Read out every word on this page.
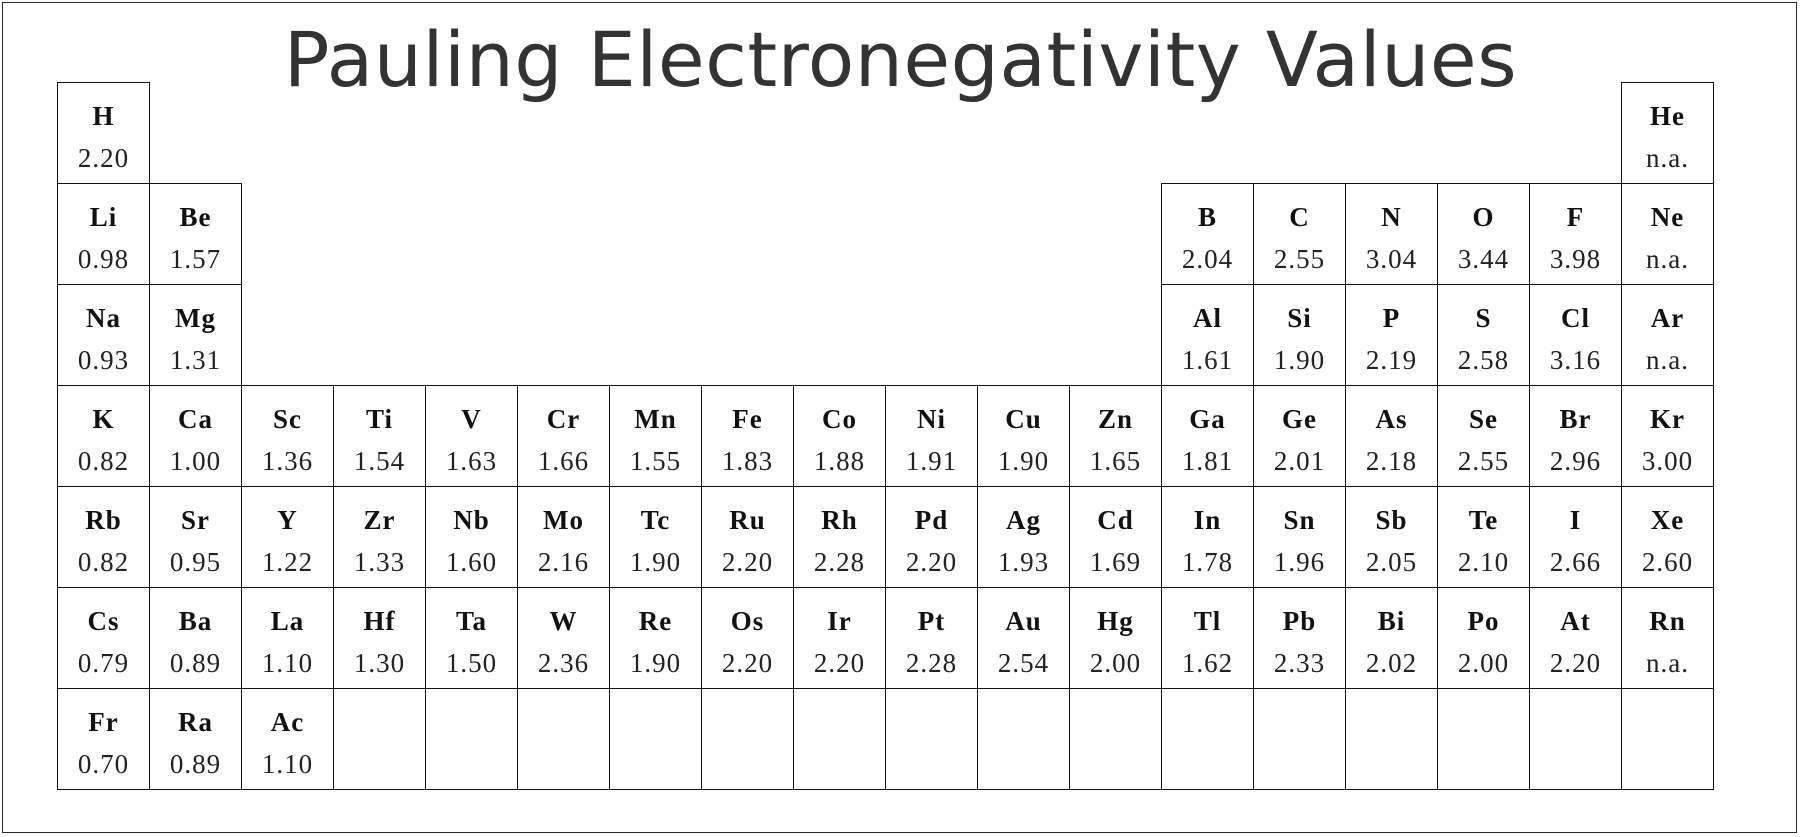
Pauling Electronegativity Values
H
2.20
He
n.a.
Li
0.98
Be
1.57
B
2.04
C
2.55
N
3.04
O
3.44
F
3.98
Ne
n.a.
Na
0.93
Mg
1.31
Al
1.61
Si
1.90
P
2.19
S
2.58
Cl
3.16
Ar
n.a.
K
0.82
Ca
1.00
Sc
1.36
Ti
1.54
V
1.63
Cr
1.66
Mn
1.55
Fe
1.83
Co
1.88
Ni
1.91
Cu
1.90
Zn
1.65
Ga
1.81
Ge
2.01
As
2.18
Se
2.55
Br
2.96
Kr
3.00
Rb
0.82
Sr
0.95
Y
1.22
Zr
1.33
Nb
1.60
Mo
2.16
Tc
1.90
Ru
2.20
Rh
2.28
Pd
2.20
Ag
1.93
Cd
1.69
In
1.78
Sn
1.96
Sb
2.05
Te
2.10
I
2.66
Xe
2.60
Cs
0.79
Ba
0.89
La
1.10
Hf
1.30
Ta
1.50
W
2.36
Re
1.90
Os
2.20
Ir
2.20
Pt
2.28
Au
2.54
Hg
2.00
Tl
1.62
Pb
2.33
Bi
2.02
Po
2.00
At
2.20
Rn
n.a.
Fr
0.70
Ra
0.89
Ac
1.10
